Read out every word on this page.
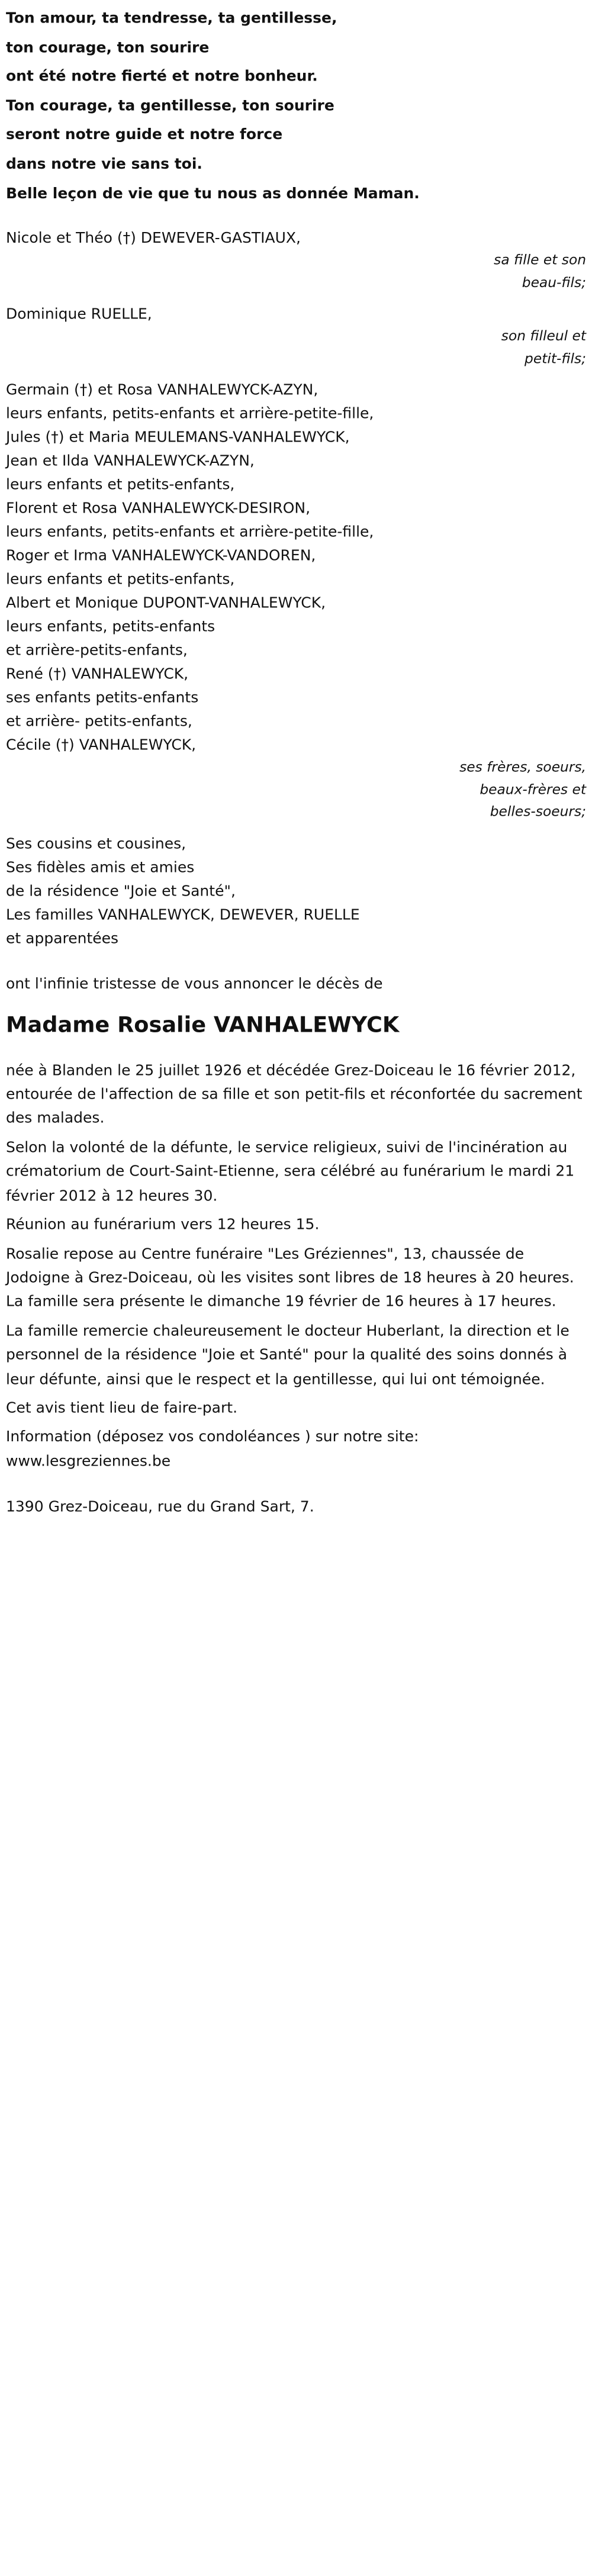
Ton amour, ta tendresse, ta gentillesse,
ton courage, ton sourire
ont été notre fierté et notre bonheur.
Ton courage, ta gentillesse, ton sourire
seront notre guide et notre force
dans notre vie sans toi.
Belle leçon de vie que tu nous as donnée Maman.
Nicole et Théo (†) DEWEVER-GASTIAUX,
sa fille et son
beau-fils;
Dominique RUELLE,
son filleul et
petit-fils;
Germain (†) et Rosa VANHALEWYCK-AZYN,
leurs enfants, petits-enfants et arrière-petite-fille,
Jules (†) et Maria MEULEMANS-VANHALEWYCK,
Jean et Ilda VANHALEWYCK-AZYN,
leurs enfants et petits-enfants,
Florent et Rosa VANHALEWYCK-DESIRON,
leurs enfants, petits-enfants et arrière-petite-fille,
Roger et Irma VANHALEWYCK-VANDOREN,
leurs enfants et petits-enfants,
Albert et Monique DUPONT-VANHALEWYCK,
leurs enfants, petits-enfants
et arrière-petits-enfants,
René (†) VANHALEWYCK,
ses enfants petits-enfants
et arrière- petits-enfants,
Cécile (†) VANHALEWYCK,
ses frères, soeurs,
beaux-frères et
belles-soeurs;
Ses cousins et cousines,
Ses fidèles amis et amies
de la résidence "Joie et Santé",
Les familles VANHALEWYCK, DEWEVER, RUELLE
et apparentées
ont l'infinie tristesse de vous annoncer le décès de
Madame Rosalie VANHALEWYCK

née à Blanden le 25 juillet 1926 et décédée Grez-Doiceau le 16 février 2012, entourée de l'affection de sa fille et son petit-fils et réconfortée du sacrement des malades.

Selon la volonté de la défunte, le service religieux, suivi de l'incinération au crématorium de Court-Saint-Etienne, sera célébré au funérarium le mardi 21 février 2012 à 12 heures 30.

Réunion au funérarium vers 12 heures 15.

Rosalie repose au Centre funéraire "Les Gréziennes", 13, chaussée de Jodoigne à Grez-Doiceau, où les visites sont libres de 18 heures à 20 heures. La famille sera présente le dimanche 19 février de 16 heures à 17 heures.

La famille remercie chaleureusement le docteur Huberlant, la direction et le personnel de la résidence "Joie et Santé" pour la qualité des soins donnés à leur défunte, ainsi que le respect et la gentillesse, qui lui ont témoignée.

Cet avis tient lieu de faire-part.

Information (déposez vos condoléances ) sur notre site:
www.lesgreziennes.be
1390 Grez-Doiceau, rue du Grand Sart, 7.
